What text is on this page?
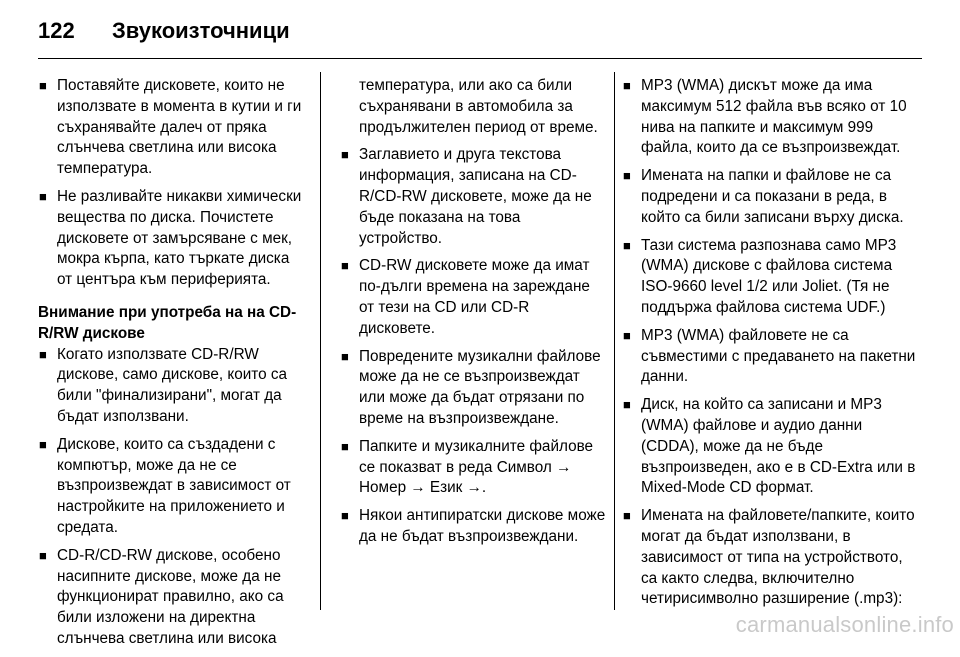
122	Звукоизточници
■ Поставяйте дисковете, които не използвате в момента в кутии и ги съхранявайте далеч от пряка слънчева светлина или висока температура.
■ Не разливайте никакви химически вещества по диска. Почистете дисковете от замърсяване с мек, мокра кърпа, като търкате диска от центъра към периферията.
Внимание при употреба на на CD-R/RW дискове
■ Когато използвате CD-R/RW дискове, само дискове, които са били "финализирани", могат да бъдат използвани.
■ Дискове, които са създадени с компютър, може да не се възпроизвеждат в зависимост от настройките на приложението и средата.
■ CD-R/CD-RW дискове, особено насипните дискове, може да не функционират правилно, ако са били изложени на директна слънчева светлина или висока
температура, или ако са били съхранявани в автомобила за продължителен период от време.
■ Заглавието и друга текстова информация, записана на CD-R/CD-RW дисковете, може да не бъде показана на това устройство.
■ CD-RW дисковете може да имат по-дълги времена на зареждане от тези на CD или CD-R дисковете.
■ Повредените музикални файлове може да не се възпроизвеждат или може да бъдат отрязани по време на възпроизвеждане.
■ Папките и музикалните файлове се показват в реда Символ → Номер → Език →.
■ Някои антипиратски дискове може да не бъдат възпроизвеждани.
■ MP3 (WMA) дискът може да има максимум 512 файла във всяко от 10 нива на папките и максимум 999 файла, които да се възпроизвеждат.
■ Имената на папки и файлове не са подредени и са показани в реда, в който са били записани върху диска.
■ Тази система разпознава само MP3 (WMA) дискове с файлова система ISO-9660 level 1/2 или Joliet. (Тя не поддържа файлова система UDF.)
■ MP3 (WMA) файловете не са съвместими с предаването на пакетни данни.
■ Диск, на който са записани и MP3 (WMA) файлове и аудио данни (CDDA), може да не бъде възпроизведен, ако е в CD-Extra или в Mixed-Mode CD формат.
■ Имената на файловете/папките, които могат да бъдат използвани, в зависимост от типа на устройството, са както следва, включително четирисимволно разширение (.mp3):
carmanualsonline.info
